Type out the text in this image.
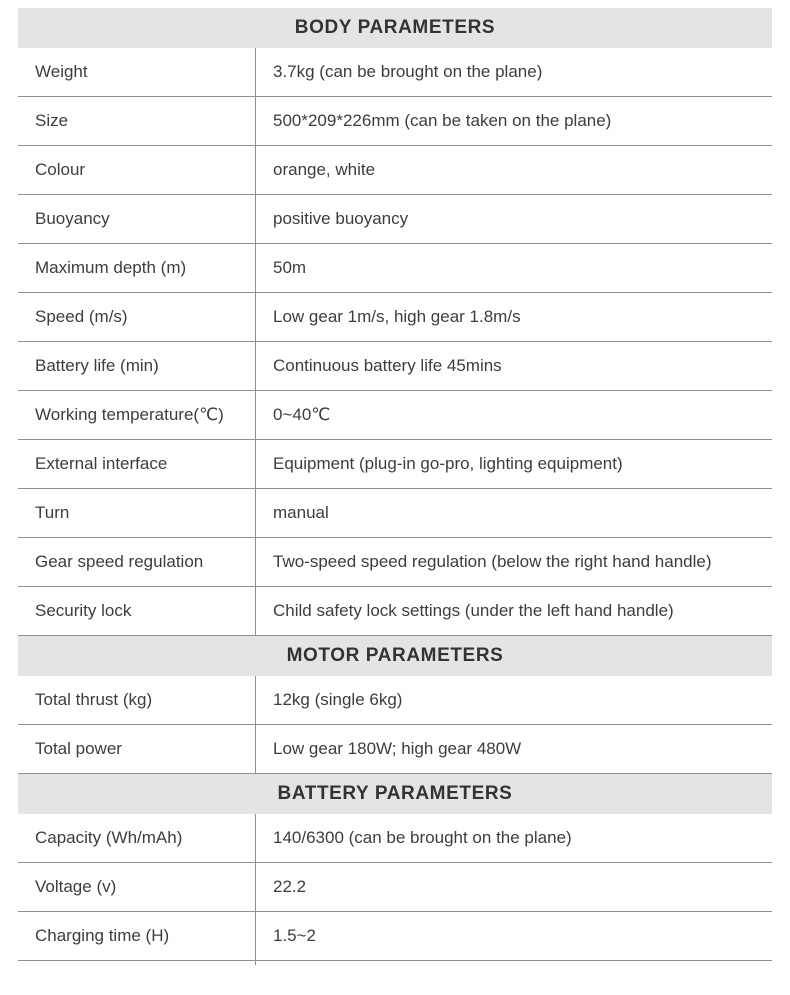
BODY PARAMETERS
Weight	3.7kg (can be brought on the plane)
Size	500*209*226mm (can be taken on the plane)
Colour	orange, white
Buoyancy	positive buoyancy
Maximum depth (m)	50m
Speed (m/s)	Low gear 1m/s, high gear 1.8m/s
Battery life (min)	Continuous battery life 45mins
Working temperature(℃)	0~40℃
External interface	Equipment (plug-in go-pro, lighting equipment)
Turn	manual
Gear speed regulation	Two-speed speed regulation (below the right hand handle)
Security lock	Child safety lock settings (under the left hand handle)
MOTOR PARAMETERS
Total thrust (kg)	12kg (single 6kg)
Total power	Low gear 180W; high gear 480W
BATTERY PARAMETERS
Capacity (Wh/mAh)	140/6300 (can be brought on the plane)
Voltage (v)	22.2
Charging time (H)	1.5~2
